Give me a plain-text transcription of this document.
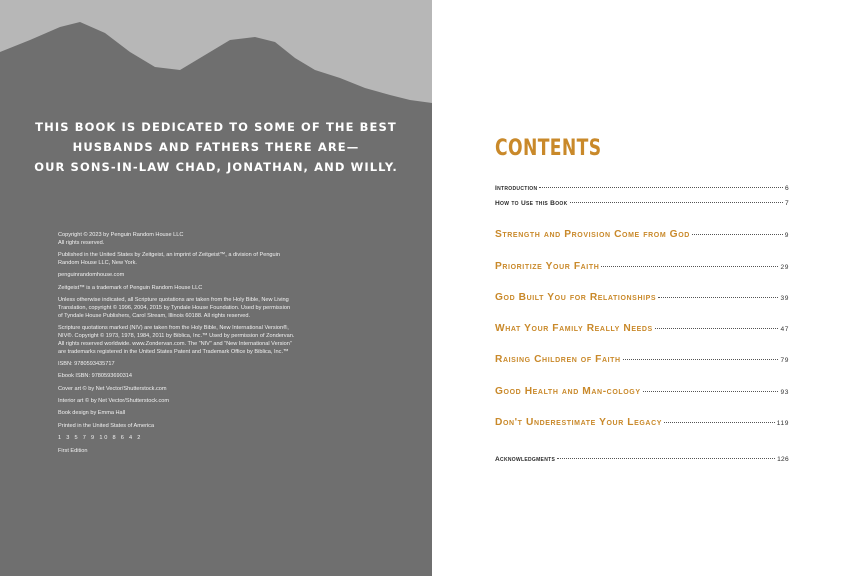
THIS BOOK IS DEDICATED TO SOME OF THE BEST
HUSBANDS AND FATHERS THERE ARE—
OUR SONS-IN-LAW CHAD, JONATHAN, AND WILLY.

Copyright © 2023 by Penguin Random House LLC
All rights reserved.

Published in the United States by Zeitgeist, an imprint of Zeitgeist™, a division of Penguin
Random House LLC, New York.

penguinrandomhouse.com

Zeitgeist™ is a trademark of Penguin Random House LLC

Unless otherwise indicated, all Scripture quotations are taken from the Holy Bible, New Living
Translation, copyright © 1996, 2004, 2015 by Tyndale House Foundation. Used by permission
of Tyndale House Publishers, Carol Stream, Illinois 60188. All rights reserved.

Scripture quotations marked (NIV) are taken from the Holy Bible, New International Version®,
NIV®. Copyright © 1973, 1978, 1984, 2011 by Biblica, Inc.™ Used by permission of Zondervan.
All rights reserved worldwide. www.Zondervan.com. The “NIV” and “New International Version”
are trademarks registered in the United States Patent and Trademark Office by Biblica, Inc.™

ISBN: 9780593435717

Ebook ISBN: 9780593690314

Cover art © by Net Vector/Shutterstock.com

Interior art © by Net Vector/Shutterstock.com

Book design by Emma Hall

Printed in the United States of America

1 3 5 7 9 10 8 6 4 2

First Edition

CONTENTS
Introduction	6
How to Use this Book	7
Strength and Provision Come from God	9
Prioritize Your Faith	29
God Built You for Relationships	39
What Your Family Really Needs	47
Raising Children of Faith	79
Good Health and Man-cology	93
Don't Underestimate Your Legacy	119
Acknowledgments	126
